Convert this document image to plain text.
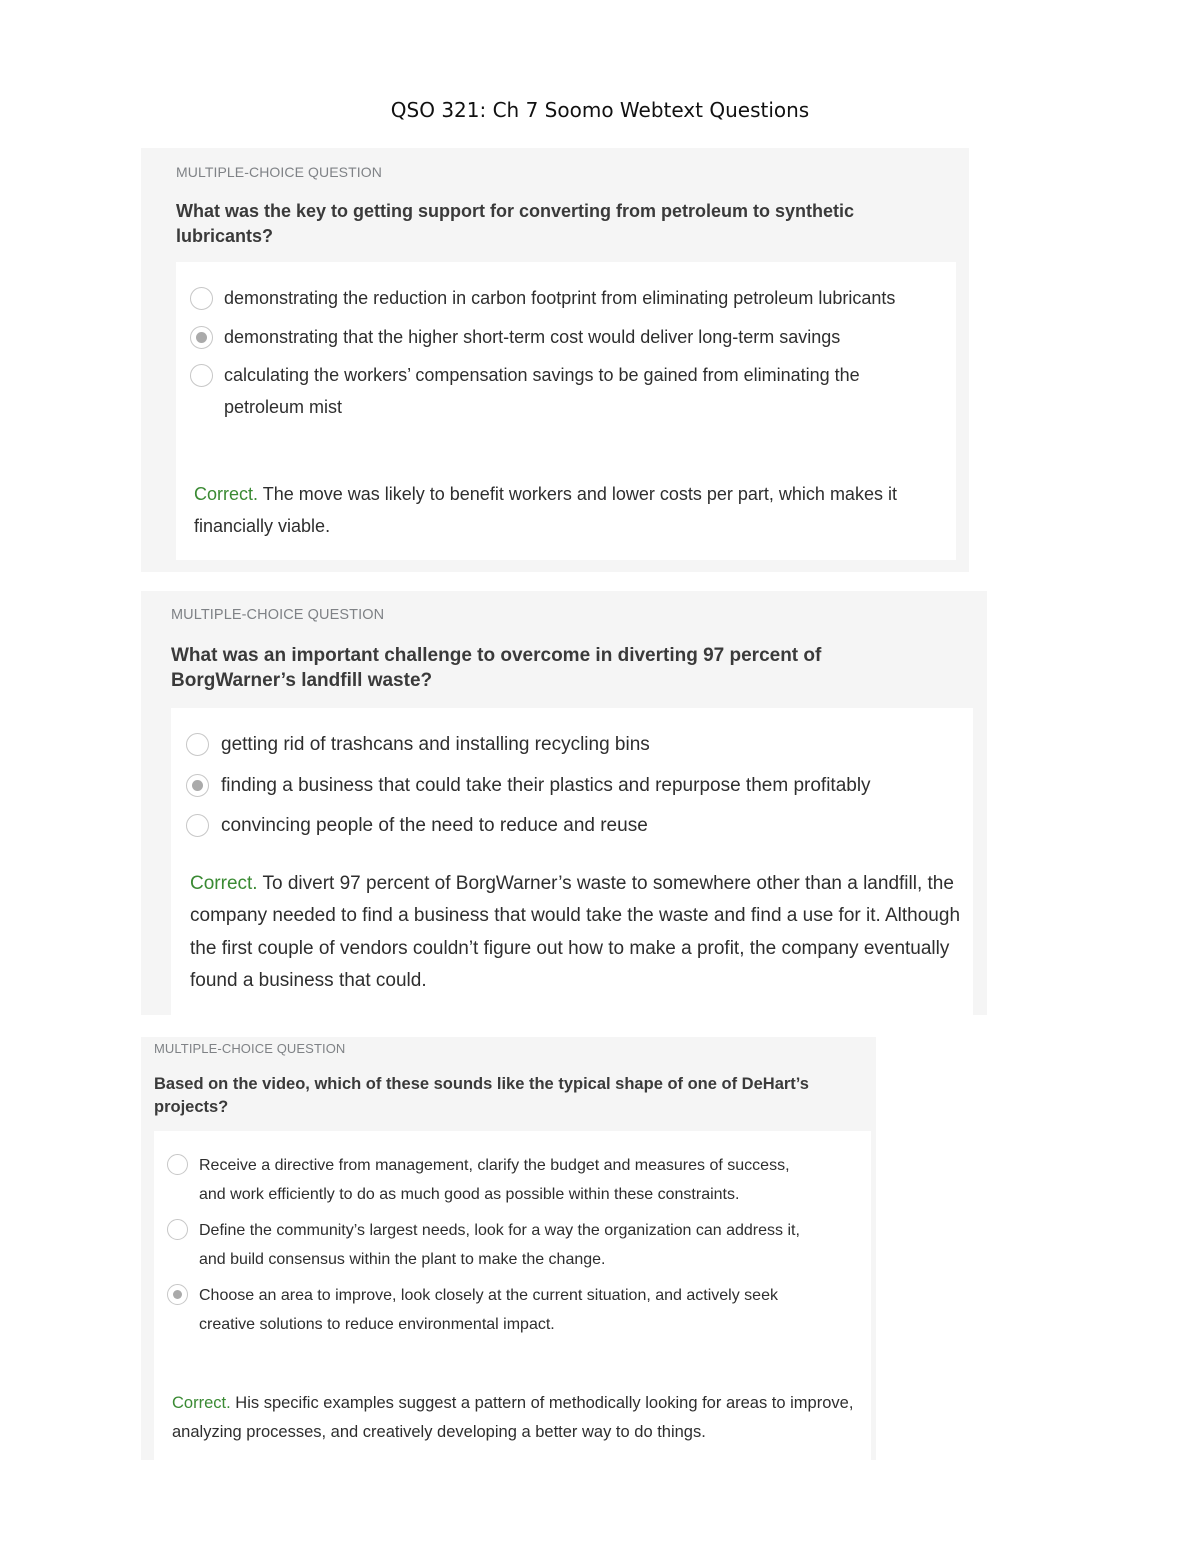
QSO 321: Ch 7 Soomo Webtext Questions
MULTIPLE-CHOICE QUESTION

What was the key to getting support for converting from petroleum to synthetic lubricants?

demonstrating the reduction in carbon footprint from eliminating petroleum lubricants
demonstrating that the higher short-term cost would deliver long-term savings
calculating the workers’ compensation savings to be gained from eliminating the petroleum mist

Correct. The move was likely to benefit workers and lower costs per part, which makes it financially viable.

MULTIPLE-CHOICE QUESTION

What was an important challenge to overcome in diverting 97 percent of BorgWarner’s landfill waste?

getting rid of trashcans and installing recycling bins
finding a business that could take their plastics and repurpose them profitably
convincing people of the need to reduce and reuse

Correct. To divert 97 percent of BorgWarner’s waste to somewhere other than a landfill, the company needed to find a business that would take the waste and find a use for it. Although the first couple of vendors couldn’t figure out how to make a profit, the company eventually found a business that could.

MULTIPLE-CHOICE QUESTION

Based on the video, which of these sounds like the typical shape of one of DeHart’s projects?

Receive a directive from management, clarify the budget and measures of success, and work efficiently to do as much good as possible within these constraints.
Define the community’s largest needs, look for a way the organization can address it, and build consensus within the plant to make the change.
Choose an area to improve, look closely at the current situation, and actively seek creative solutions to reduce environmental impact.

Correct. His specific examples suggest a pattern of methodically looking for areas to improve, analyzing processes, and creatively developing a better way to do things.
